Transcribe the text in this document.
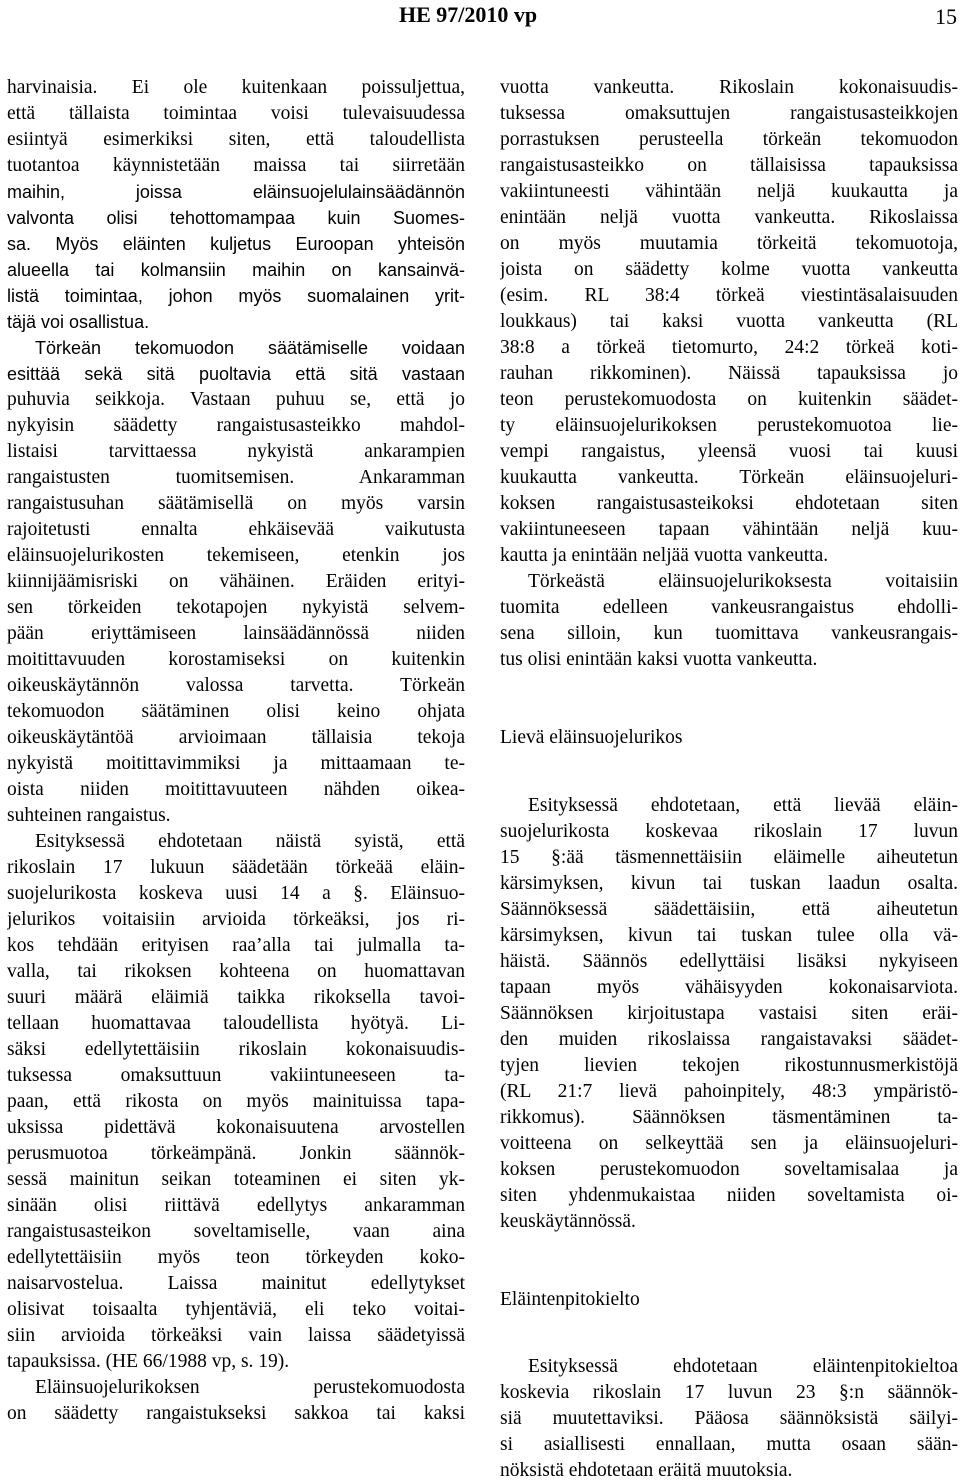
HE 97/2010 vp	15
harvinaisia. Ei ole kuitenkaan poissuljettua,
että tällaista toimintaa voisi tulevaisuudessa
esiintyä esimerkiksi siten, että taloudellista
tuotantoa käynnistetään maissa tai siirretään
maihin, joissa eläinsuojelulainsäädännön
valvonta olisi tehottomampaa kuin Suomes-
sa. Myös eläinten kuljetus Euroopan yhteisön
alueella tai kolmansiin maihin on kansainvä-
listä toimintaa, johon myös suomalainen yrit-
täjä voi osallistua.
Törkeän tekomuodon säätämiselle voidaan
esittää sekä sitä puoltavia että sitä vastaan
puhuvia seikkoja. Vastaan puhuu se, että jo
nykyisin säädetty rangaistusasteikko mahdol-
listaisi tarvittaessa nykyistä ankarampien
rangaistusten tuomitsemisen. Ankaramman
rangaistusuhan säätämisellä on myös varsin
rajoitetusti ennalta ehkäisevää vaikutusta
eläinsuojelurikosten tekemiseen, etenkin jos
kiinnijäämisriski on vähäinen. Eräiden erityi-
sen törkeiden tekotapojen nykyistä selvem-
pään eriyttämiseen lainsäädännössä niiden
moitittavuuden korostamiseksi on kuitenkin
oikeuskäytännön valossa tarvetta. Törkeän
tekomuodon säätäminen olisi keino ohjata
oikeuskäytäntöä arvioimaan tällaisia tekoja
nykyistä moitittavimmiksi ja mittaamaan te-
oista niiden moitittavuuteen nähden oikea-
suhteinen rangaistus.
Esityksessä ehdotetaan näistä syistä, että
rikoslain 17 lukuun säädetään törkeää eläin-
suojelurikosta koskeva uusi 14 a §. Eläinsuo-
jelurikos voitaisiin arvioida törkeäksi, jos ri-
kos tehdään erityisen raa’alla tai julmalla ta-
valla, tai rikoksen kohteena on huomattavan
suuri määrä eläimiä taikka rikoksella tavoi-
tellaan huomattavaa taloudellista hyötyä. Li-
säksi edellytettäisiin rikoslain kokonaisuudis-
tuksessa omaksuttuun vakiintuneeseen ta-
paan, että rikosta on myös mainituissa tapa-
uksissa pidettävä kokonaisuutena arvostellen
perusmuotoa törkeämpänä. Jonkin säännök-
sessä mainitun seikan toteaminen ei siten yk-
sinään olisi riittävä edellytys ankaramman
rangaistusasteikon soveltamiselle, vaan aina
edellytettäisiin myös teon törkeyden koko-
naisarvostelua. Laissa mainitut edellytykset
olisivat toisaalta tyhjentäviä, eli teko voitai-
siin arvioida törkeäksi vain laissa säädetyissä
tapauksissa. (HE 66/1988 vp, s. 19).
Eläinsuojelurikoksen perustekomuodosta
on säädetty rangaistukseksi sakkoa tai kaksi
vuotta vankeutta. Rikoslain kokonaisuudis-
tuksessa omaksuttujen rangaistusasteikkojen
porrastuksen perusteella törkeän tekomuodon
rangaistusasteikko on tällaisissa tapauksissa
vakiintuneesti vähintään neljä kuukautta ja
enintään neljä vuotta vankeutta. Rikoslaissa
on myös muutamia törkeitä tekomuotoja,
joista on säädetty kolme vuotta vankeutta
(esim. RL 38:4 törkeä viestintäsalaisuuden
loukkaus) tai kaksi vuotta vankeutta (RL
38:8 a törkeä tietomurto, 24:2 törkeä koti-
rauhan rikkominen). Näissä tapauksissa jo
teon perustekomuodosta on kuitenkin säädet-
ty eläinsuojelurikoksen perustekomuotoa lie-
vempi rangaistus, yleensä vuosi tai kuusi
kuukautta vankeutta. Törkeän eläinsuojeluri-
koksen rangaistusasteikoksi ehdotetaan siten
vakiintuneeseen tapaan vähintään neljä kuu-
kautta ja enintään neljää vuotta vankeutta.
Törkeästä eläinsuojelurikoksesta voitaisiin
tuomita edelleen vankeusrangaistus ehdolli-
sena silloin, kun tuomittava vankeusrangais-
tus olisi enintään kaksi vuotta vankeutta.
Lievä eläinsuojelurikos
Esityksessä ehdotetaan, että lievää eläin-
suojelurikosta koskevaa rikoslain 17 luvun
15 §:ää täsmennettäisiin eläimelle aiheutetun
kärsimyksen, kivun tai tuskan laadun osalta.
Säännöksessä säädettäisiin, että aiheutetun
kärsimyksen, kivun tai tuskan tulee olla vä-
häistä. Säännös edellyttäisi lisäksi nykyiseen
tapaan myös vähäisyyden kokonaisarviota.
Säännöksen kirjoitustapa vastaisi siten eräi-
den muiden rikoslaissa rangaistavaksi säädet-
tyjen lievien tekojen rikostunnusmerkistöjä
(RL 21:7 lievä pahoinpitely, 48:3 ympäristö-
rikkomus). Säännöksen täsmentäminen ta-
voitteena on selkeyttää sen ja eläinsuojeluri-
koksen perustekomuodon soveltamisalaa ja
siten yhdenmukaistaa niiden soveltamista oi-
keuskäytännössä.
Eläintenpitokielto
Esityksessä ehdotetaan eläintenpitokieltoa
koskevia rikoslain 17 luvun 23 §:n säännök-
siä muutettaviksi. Pääosa säännöksistä säilyi-
si asiallisesti ennallaan, mutta osaan sään-
nöksistä ehdotetaan eräitä muutoksia.
